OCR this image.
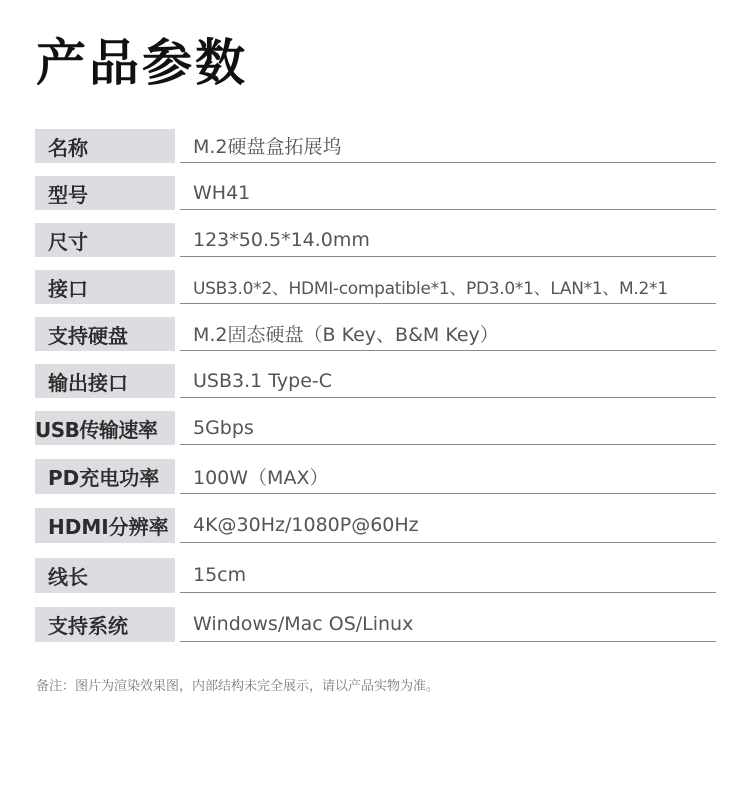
产品参数
名称	M.2硬盘盒拓展坞
型号	WH41
尺寸	123*50.5*14.0mm
接口	USB3.0*2、HDMI-compatible*1、PD3.0*1、LAN*1、M.2*1
支持硬盘	M.2固态硬盘（B Key、B&M Key）
输出接口	USB3.1 Type-C
USB传输速率	5Gbps
PD充电功率	100W（MAX）
HDMI分辨率	4K@30Hz/1080P@60Hz
线长	15cm
支持系统	Windows/Mac OS/Linux

备注：图片为渲染效果图，内部结构未完全展示，请以产品实物为准。
